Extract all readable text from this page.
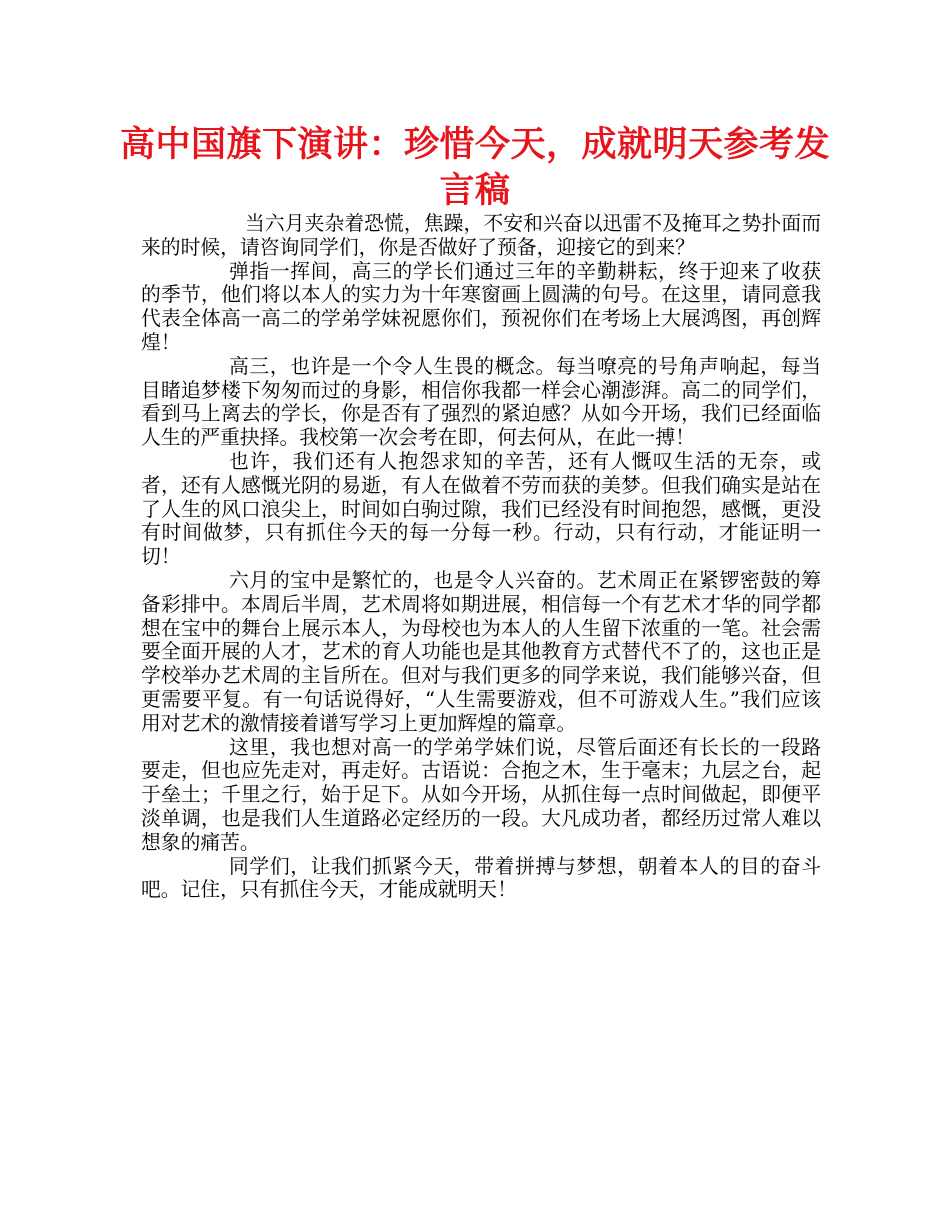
高中国旗下演讲：珍惜今天，成就明天参考发言稿

当六月夹杂着恐慌，焦躁，不安和兴奋以迅雷不及掩耳之势扑面而来的时候，请咨询同学们，你是否做好了预备，迎接它的到来？

弹指一挥间，高三的学长们通过三年的辛勤耕耘，终于迎来了收获的季节，他们将以本人的实力为十年寒窗画上圆满的句号。在这里，请同意我代表全体高一高二的学弟学妹祝愿你们，预祝你们在考场上大展鸿图，再创辉煌！

高三，也许是一个令人生畏的概念。每当嘹亮的号角声响起，每当目睹追梦楼下匆匆而过的身影，相信你我都一样会心潮澎湃。高二的同学们，看到马上离去的学长，你是否有了强烈的紧迫感？从如今开场，我们已经面临人生的严重抉择。我校第一次会考在即，何去何从，在此一搏！

也许，我们还有人抱怨求知的辛苦，还有人慨叹生活的无奈，或者，还有人感慨光阴的易逝，有人在做着不劳而获的美梦。但我们确实是站在了人生的风口浪尖上，时间如白驹过隙，我们已经没有时间抱怨，感慨，更没有时间做梦，只有抓住今天的每一分每一秒。行动，只有行动，才能证明一切！

六月的宝中是繁忙的，也是令人兴奋的。艺术周正在紧锣密鼓的筹备彩排中。本周后半周，艺术周将如期进展，相信每一个有艺术才华的同学都想在宝中的舞台上展示本人，为母校也为本人的人生留下浓重的一笔。社会需要全面开展的人才，艺术的育人功能也是其他教育方式替代不了的，这也正是学校举办艺术周的主旨所在。但对与我们更多的同学来说，我们能够兴奋，但更需要平复。有一句话说得好，“人生需要游戏，但不可游戏人生。”我们应该用对艺术的激情接着谱写学习上更加辉煌的篇章。

这里，我也想对高一的学弟学妹们说，尽管后面还有长长的一段路要走，但也应先走对，再走好。古语说：合抱之木，生于毫末；九层之台，起于垒土；千里之行，始于足下。从如今开场，从抓住每一点时间做起，即便平淡单调，也是我们人生道路必定经历的一段。大凡成功者，都经历过常人难以想象的痛苦。

同学们，让我们抓紧今天，带着拼搏与梦想，朝着本人的目的奋斗吧。记住，只有抓住今天，才能成就明天！
